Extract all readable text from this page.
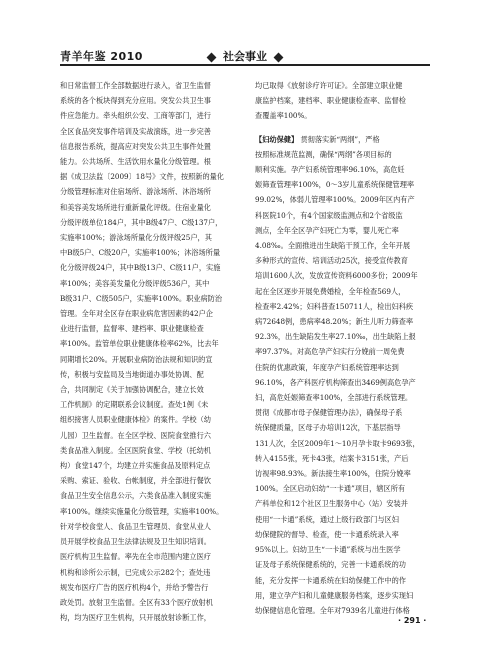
青羊年鉴 2010	社会事业

和日常监督工作全部数据进行录入，省卫生监督

系统的各个板块得到充分应用。突发公共卫生事

件应急能力。牵头组织公安、工商等部门，进行

全区食品突发事件培训及实战演练，进一步完善

信息报告系统，提高应对突发公共卫生事件处置

能力。公共场所、生活饮用水量化分级管理。根

据《成卫法监〔2009〕18号》文件，按照新的量化

分级管理标准对住宿场所、游泳场所、沐浴场所

和美容美发场所进行重新量化评级。住宿业量化

分级评级单位184户，其中B级47户、C级137户，

实施率100%；游泳场所量化分级评级25户，其

中B级5户、C级20户，实施率100%；沐浴场所量

化分级评级24户，其中B级13户、C级11户，实施

率100%；美容美发量化分级评级536户，其中

B级31户、C级505户，实施率100%。职业病防治

管理。全年对全区存在职业病危害因素的42户企

业进行监督，监督率、建档率、职业健康检查

率100%。监管单位职业健康体检率62%，比去年

同期增长20%。开展职业病防治法规和知识的宣

传，积极与安监局及当地街道办事处协调、配

合，共同制定《关于加强协调配合，建立长效

工作机制》的定期联系会议制度。查处1例《未

组织接害人员职业健康体检》的案件。学校（幼

儿园）卫生监督。在全区学校、医院食堂推行六

类食品准入制度。全区医院食堂、学校（托幼机

构）食堂147个，均建立并实施食品及原料定点

采购、索证、验收、台帐制度，并全部进行餐饮

食品卫生安全信息公示，六类食品准入制度实施

率100%。继续实施量化分级管理，实施率100%。

针对学校食堂人、食品卫生管理员、食堂从业人

员开展学校食品卫生法律法规及卫生知识培训。

医疗机构卫生监督。率先在全市范围内建立医疗

机构和诊所公示制，已完成公示282个；查处违

规发布医疗广告的医疗机构4个，并给予警告行

政处罚。放射卫生监督。全区有33个医疗放射机

构，均为医疗卫生机构，只开展放射诊断工作，

均已取得《放射诊疗许可证》。全部建立职业健

康监护档案，建档率、职业健康检查率、监督检

查覆盖率100%。

【妇幼保健】 贯彻落实新“两纲”，严格

按照标准规范监测，确保“两纲”各项目标的

顺利实施。孕产妇系统管理率96.10%，高危妊

娠筛查管理率100%，0～3岁儿童系统保健管理率

99.02%，体弱儿管理率100%。2009年区内有产

科医院10个，有4个国家级监测点和2个省级监

测点，全年全区孕产妇死亡为零，婴儿死亡率

4.08‰。全面推进出生缺陷干预工作，全年开展

多种形式的宣传、培训活动25次，接受宣传教育

培训1600人次，发放宣传资料6000多份；2009年

起在全区逐步开展免费婚检，全年检查569人，

检查率2.42%；妇科普查150711人，检出妇科疾

病72648例，患病率48.20%；新生儿听力筛查率

92.3%，出生缺陷发生率27.10‰，出生缺陷上报

率97.37%。对高危孕产妇实行分娩前一周免费

住院的优惠政策，年度孕产妇系统管理率达到

96.10%，各产科医疗机构筛查出3469例高危孕产

妇，高危妊娠筛查率100%，全部进行系统管理。

贯彻《成都市母子保健管理办法》，确保母子系

统保健质量，区母子办培训12次，下基层指导

131人次，全区2009年1～10月孕卡取卡9693张，

转入4155张，死卡43张，结案卡3151张，产后

访视率98.93%。新法接生率100%，住院分娩率

100%。全区启动妇幼“一卡通”项目，辖区所有

产科单位和12个社区卫生服务中心（站）安装并

使用“一卡通”系统，通过上级行政部门与区妇

幼保健院的督导、检查，使一卡通系统录入率

95%以上。妇幼卫生“一卡通”系统与出生医学

证及母子系统保健系统的，完善一卡通系统的功

能，充分发挥一卡通系统在妇幼保健工作中的作

用，建立孕产妇和儿童健康服务档案，逐步实现妇

幼保健信息化管理。全年对7939名儿童进行体格

· 291 ·
